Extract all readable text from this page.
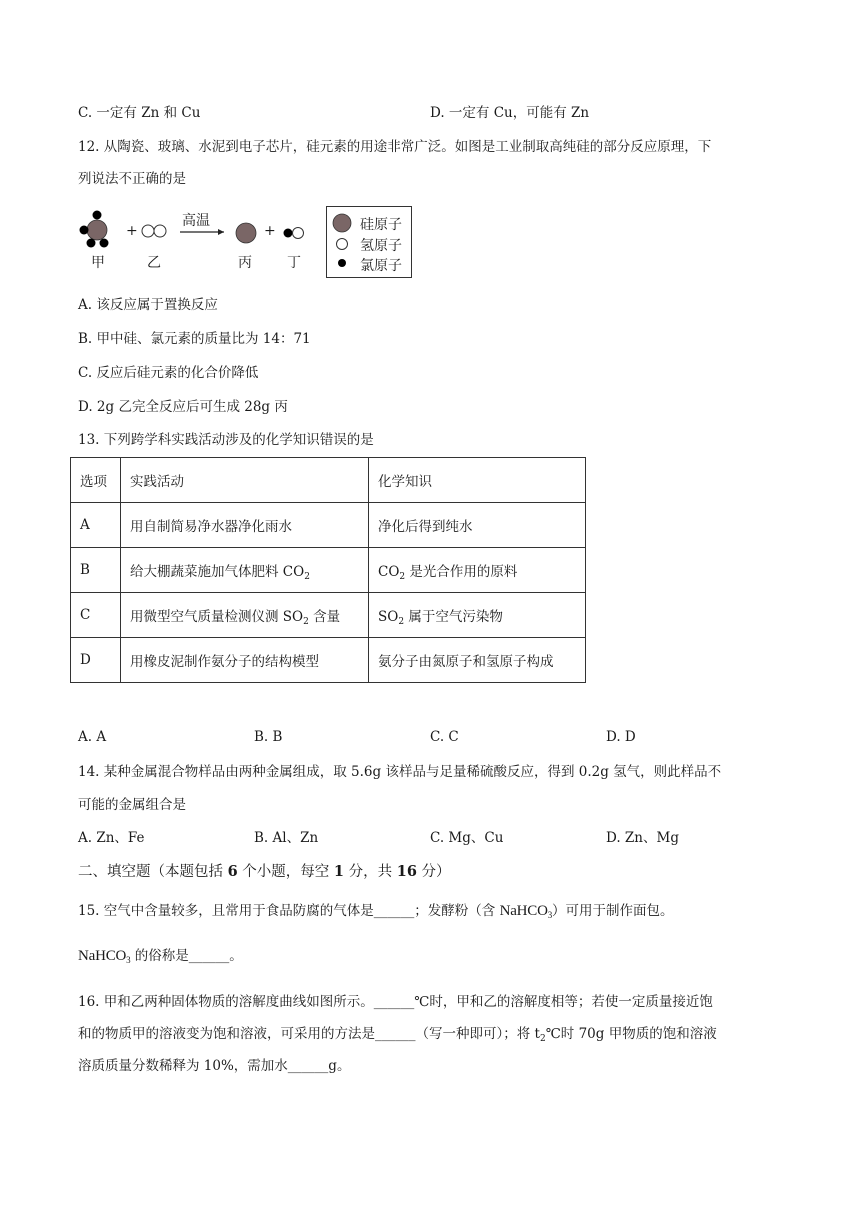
C. 一定有 Zn 和 Cu	D. 一定有 Cu，可能有 Zn
12. 从陶瓷、玻璃、水泥到电子芯片，硅元素的用途非常广泛。如图是工业制取高纯硅的部分反应原理，下
列说法不正确的是
高温
+	+
甲	乙	丙	丁
硅原子
氢原子
氯原子
A. 该反应属于置换反应
B. 甲中硅、氯元素的质量比为 14：71
C. 反应后硅元素的化合价降低
D. 2g 乙完全反应后可生成 28g 丙
13. 下列跨学科实践活动涉及的化学知识错误的是
选项	实践活动	化学知识
A	用自制简易净水器净化雨水	净化后得到纯水
B	给大棚蔬菜施加气体肥料 $CO_2$	$CO_2$ 是光合作用的原料
C	用微型空气质量检测仪测 $SO_2$ 含量	$SO_2$ 属于空气污染物
D	用橡皮泥制作氨分子的结构模型	氨分子由氮原子和氢原子构成
A. A	B. B	C. C	D. D
14. 某种金属混合物样品由两种金属组成，取 5.6g 该样品与足量稀硫酸反应，得到 0.2g 氢气，则此样品不
可能的金属组合是
A. Zn、Fe	B. Al、Zn	C. Mg、Cu	D. Zn、Mg
二、填空题（本题包括 6 个小题，每空 1 分，共 16 分）
15. 空气中含量较多，且常用于食品防腐的气体是______；发酵粉（含 NaHCO$_3$）可用于制作面包。
NaHCO$_3$ 的俗称是______。
16. 甲和乙两种固体物质的溶解度曲线如图所示。______℃时，甲和乙的溶解度相等；若使一定质量接近饱
和的物质甲的溶液变为饱和溶液，可采用的方法是______（写一种即可）；将 $t_2℃$时 70g 甲物质的饱和溶液
溶质质量分数稀释为 10%，需加水______g。
